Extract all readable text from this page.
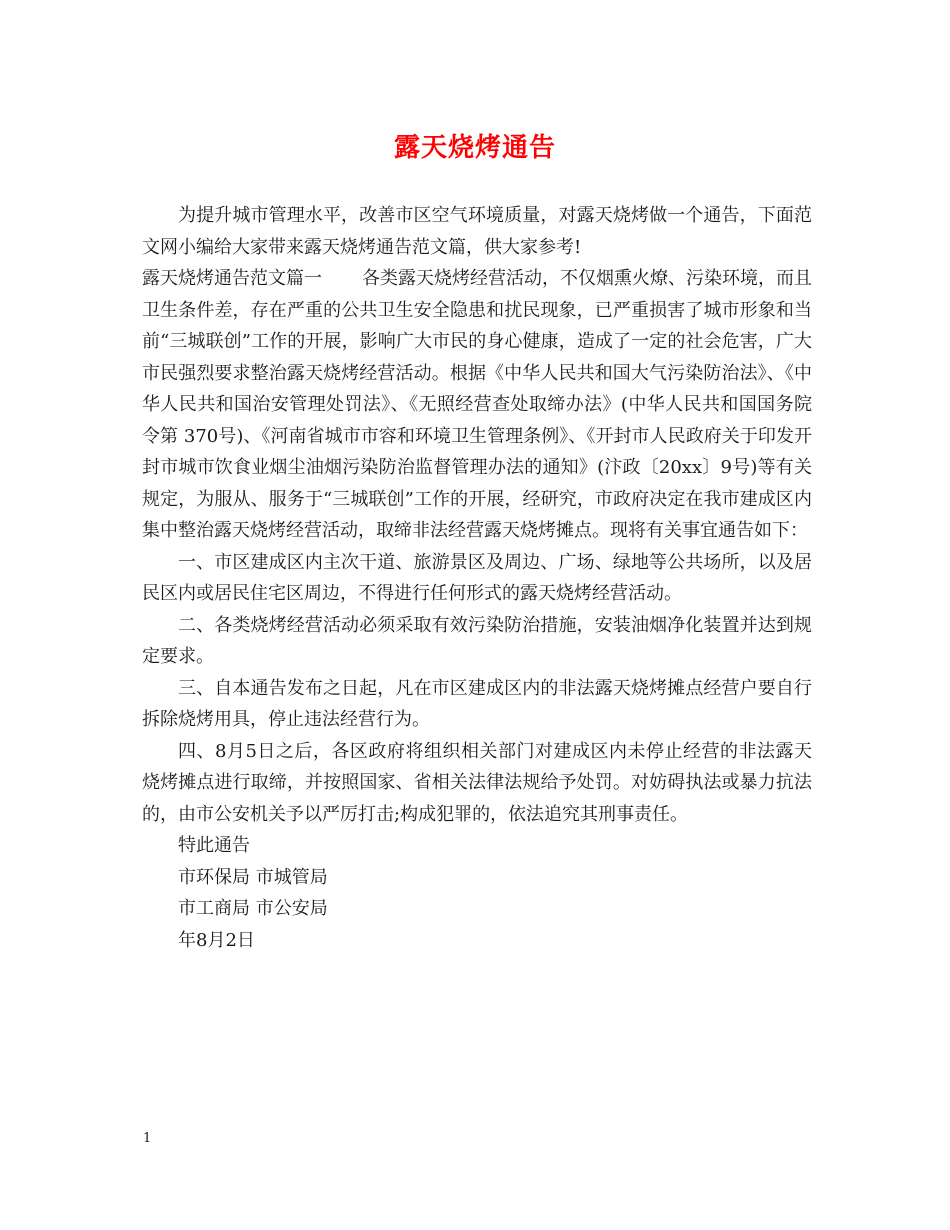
露天烧烤通告

为提升城市管理水平，改善市区空气环境质量，对露天烧烤做一个通告，下面范文网小编给大家带来露天烧烤通告范文篇，供大家参考!

露天烧烤通告范文篇一 各类露天烧烤经营活动，不仅烟熏火燎、污染环境，而且卫生条件差，存在严重的公共卫生安全隐患和扰民现象，已严重损害了城市形象和当前“三城联创”工作的开展，影响广大市民的身心健康，造成了一定的社会危害，广大市民强烈要求整治露天烧烤经营活动。根据《中华人民共和国大气污染防治法》、《中华人民共和国治安管理处罚法》、《无照经营查处取缔办法》(中华人民共和国国务院令第 370号)、《河南省城市市容和环境卫生管理条例》、《开封市人民政府关于印发开封市城市饮食业烟尘油烟污染防治监督管理办法的通知》(汴政〔20xx〕9号)等有关规定，为服从、服务于“三城联创”工作的开展，经研究，市政府决定在我市建成区内集中整治露天烧烤经营活动，取缔非法经营露天烧烤摊点。现将有关事宜通告如下：

一、市区建成区内主次干道、旅游景区及周边、广场、绿地等公共场所，以及居民区内或居民住宅区周边，不得进行任何形式的露天烧烤经营活动。

二、各类烧烤经营活动必须采取有效污染防治措施，安装油烟净化装置并达到规定要求。

三、自本通告发布之日起，凡在市区建成区内的非法露天烧烤摊点经营户要自行拆除烧烤用具，停止违法经营行为。

四、8月5日之后，各区政府将组织相关部门对建成区内未停止经营的非法露天烧烤摊点进行取缔，并按照国家、省相关法律法规给予处罚。对妨碍执法或暴力抗法的，由市公安机关予以严厉打击;构成犯罪的，依法追究其刑事责任。

特此通告

市环保局 市城管局

市工商局 市公安局

年8月2日

1
